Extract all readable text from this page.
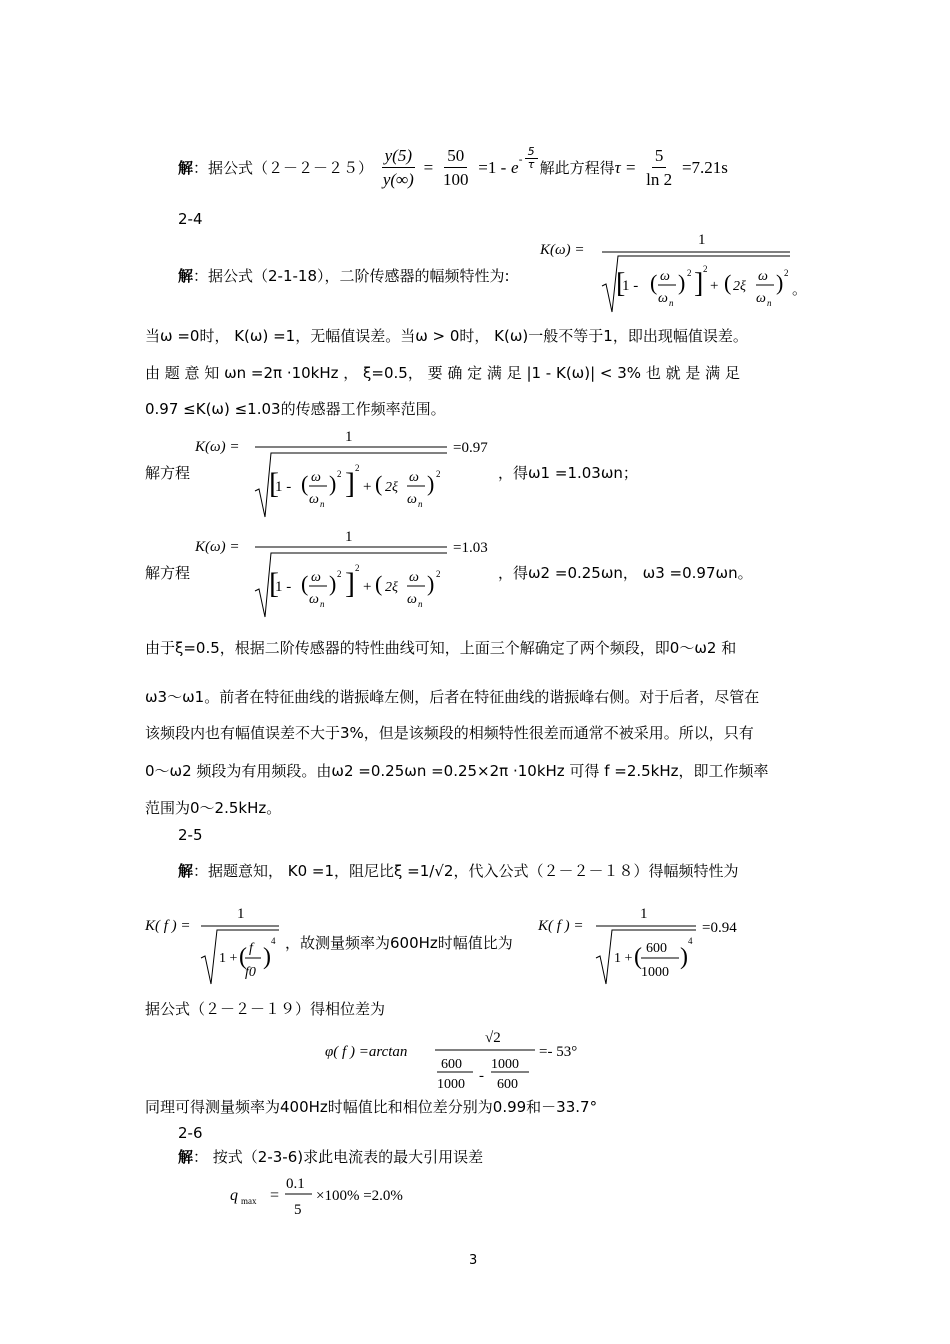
解：据公式$(2-2-25) \frac{y(5)}{y(\infty)} = \frac{50}{100} =1 - e^- \frac{5}{\tau}$ 解此方程得$\tau = \frac{5}{\ln 2} =7.21s$
2-4
K(ω) =
1
1 - ( ω
ω n
) 2
[ ] 2
+ ( 2ξ
ω
ω n
) 2
。
解：据公式（2-1-18），二阶传感器的幅频特性为:
当ω =0时， K(ω) =1，无幅值误差。当ω > 0时， K(ω)一般不等于1，即出现幅值误差。
由 题 意 知 ωn =2π ·10kHz ， ξ=0.5， 要 确 定 满 足 |1 - K(ω)| < 3% 也 就 是 满 足
0.97 ≤K(ω) ≤1.03的传感器工作频率范围。
解方程
K(ω) =
1
=0.97
1 - ( ω
ω n
) 2
[ ] 2
+ ( 2ξ
ω
ω n
) 2	，得ω1 =1.03ωn；
解方程
K(ω) =
1
=1.03
1 - ( ω
ω n
) 2
[ ] 2
+ ( 2ξ
ω
ω n
) 2	，得ω2 =0.25ωn， ω3 =0.97ωn。
由于ξ=0.5，根据二阶传感器的特性曲线可知，上面三个解确定了两个频段，即0～ω2 和
ω3～ω1。前者在特征曲线的谐振峰左侧，后者在特征曲线的谐振峰右侧。对于后者，尽管在
该频段内也有幅值误差不大于3%，但是该频段的相频特性很差而通常不被采用。所以，只有
0～ω2 频段为有用频段。由ω2 =0.25ωn =0.25×2π ·10kHz 可得 f =2.5kHz，即工作频率
范围为0～2.5kHz。
2-5
解：据题意知， K0 =1，阻尼比ξ =1/√2，代入公式（２－２－１８）得幅频特性为
K( f ) =
1
1 + ( f
f0
)
4 ，故测量频率为600Hz时幅值比为
K( f ) =
1
=0.94
1 + ( 600
1000
)
4
据公式（２－２－１９）得相位差为
φ( f ) =arctan
√2
600
1000
-
1000
600
=- 53°
同理可得测量频率为400Hz时幅值比和相位差分别为0.99和－33.7°
2-6
解： 按式（2-3-6)求此电流表的最大引用误差
q max =
0.1
5
×100% =2.0%
3
